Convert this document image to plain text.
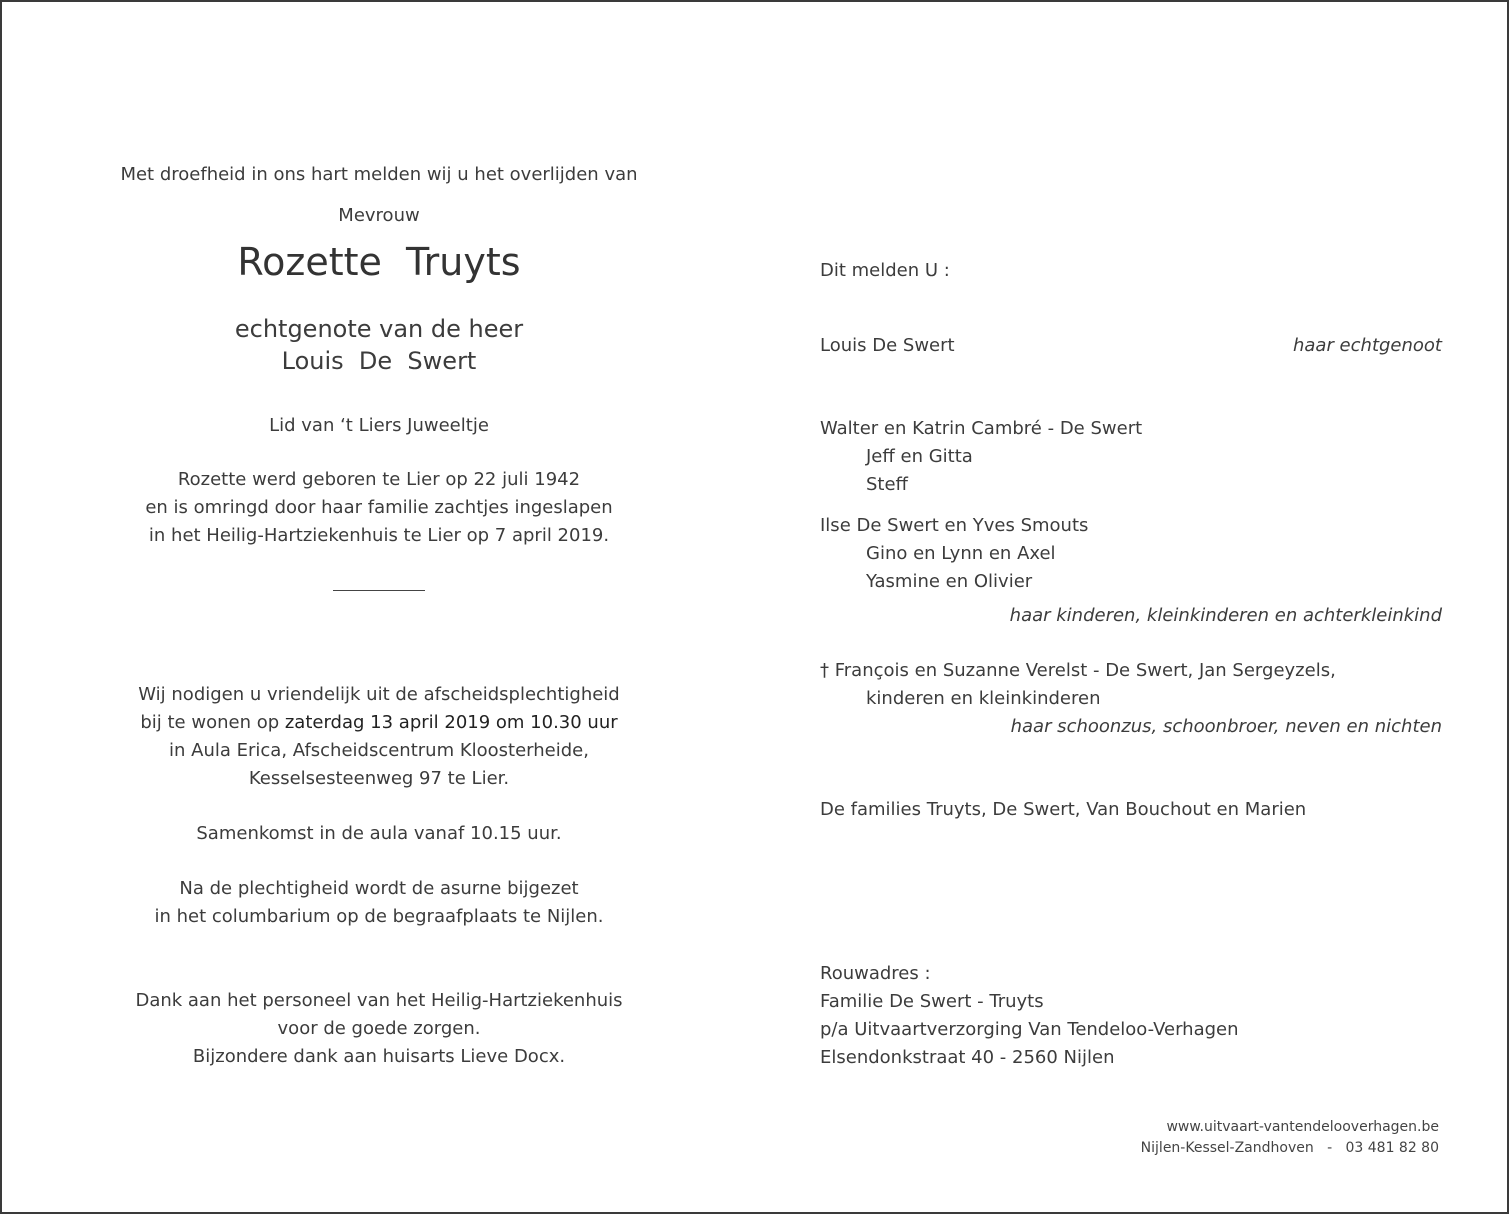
Met droefheid in ons hart melden wij u het overlijden van
Mevrouw
Rozette  Truyts
echtgenote van de heer
Louis  De  Swert
Lid van ‘t Liers Juweeltje
Rozette werd geboren te Lier op 22 juli 1942
en is omringd door haar familie zachtjes ingeslapen
in het Heilig-Hartziekenhuis te Lier op 7 april 2019.
Wij nodigen u vriendelijk uit de afscheidsplechtigheid
bij te wonen op zaterdag 13 april 2019 om 10.30 uur
in Aula Erica, Afscheidscentrum Kloosterheide,
Kesselsesteenweg 97 te Lier.
Samenkomst in de aula vanaf 10.15 uur.
Na de plechtigheid wordt de asurne bijgezet
in het columbarium op de begraafplaats te Nijlen.
Dank aan het personeel van het Heilig-Hartziekenhuis
voor de goede zorgen.
Bijzondere dank aan huisarts Lieve Docx.
Dit melden U :
Louis De Swert	haar echtgenoot
Walter en Katrin Cambré - De Swert
Jeff en Gitta
Steff
Ilse De Swert en Yves Smouts
Gino en Lynn en Axel
Yasmine en Olivier
haar kinderen, kleinkinderen en achterkleinkind
† François en Suzanne Verelst - De Swert, Jan Sergeyzels,
kinderen en kleinkinderen
haar schoonzus, schoonbroer, neven en nichten
De families Truyts, De Swert, Van Bouchout en Marien
Rouwadres :
Familie De Swert - Truyts
p/a Uitvaartverzorging Van Tendeloo-Verhagen
Elsendonkstraat 40 - 2560 Nijlen
www.uitvaart-vantendelooverhagen.be
Nijlen-Kessel-Zandhoven   -   03 481 82 80
